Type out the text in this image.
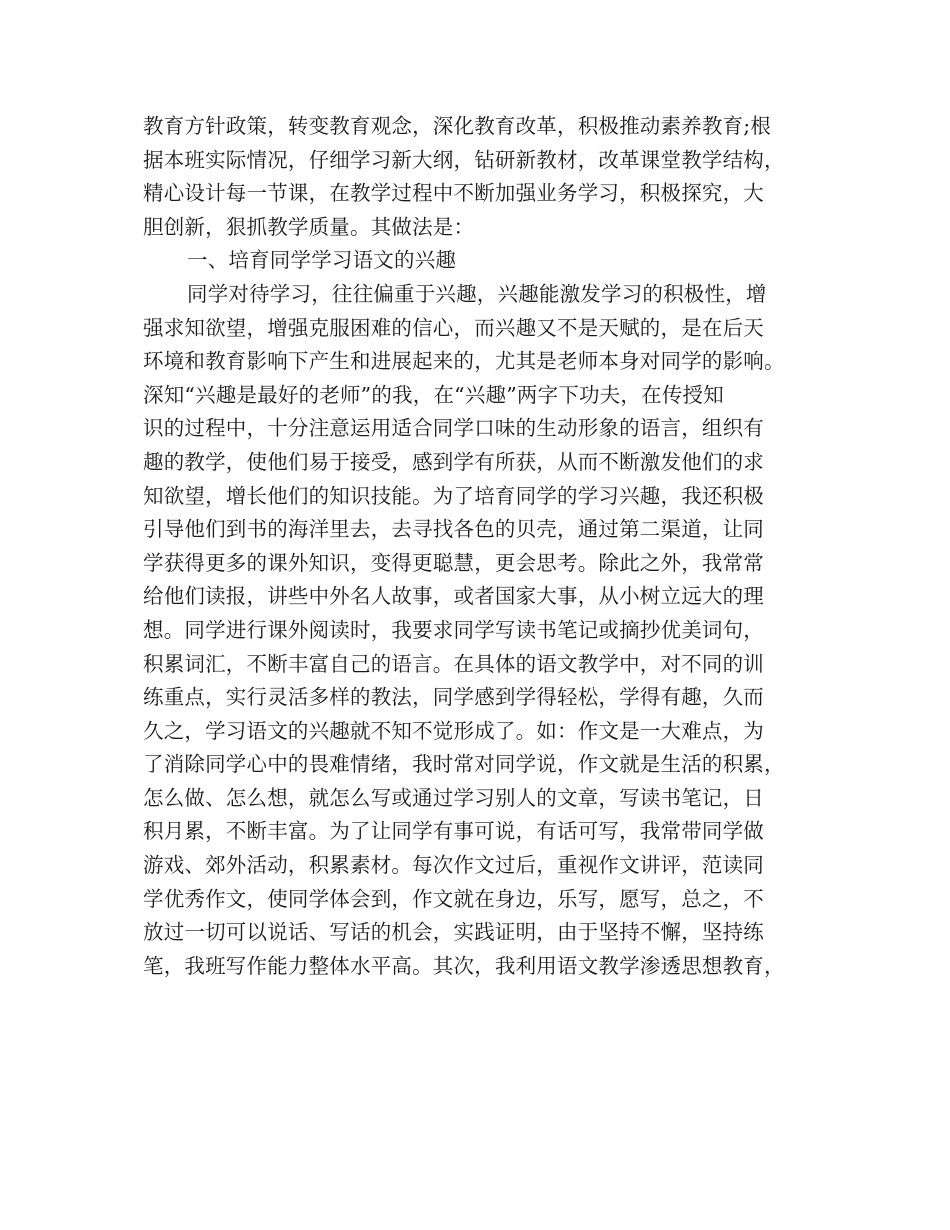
教育方针政策，转变教育观念，深化教育改革，积极推动素养教育;根
据本班实际情况，仔细学习新大纲，钻研新教材，改革课堂教学结构，
精心设计每一节课，在教学过程中不断加强业务学习，积极探究，大
胆创新，狠抓教学质量。其做法是：
一、培育同学学习语文的兴趣
同学对待学习，往往偏重于兴趣，兴趣能激发学习的积极性，增
强求知欲望，增强克服困难的信心，而兴趣又不是天赋的，是在后天
环境和教育影响下产生和进展起来的，尤其是老师本身对同学的影响。
深知“兴趣是最好的老师”的我，在“兴趣”两字下功夫，在传授知
识的过程中，十分注意运用适合同学口味的生动形象的语言，组织有
趣的教学，使他们易于接受，感到学有所获，从而不断激发他们的求
知欲望，增长他们的知识技能。为了培育同学的学习兴趣，我还积极
引导他们到书的海洋里去，去寻找各色的贝壳，通过第二渠道，让同
学获得更多的课外知识，变得更聪慧，更会思考。除此之外，我常常
给他们读报，讲些中外名人故事，或者国家大事，从小树立远大的理
想。同学进行课外阅读时，我要求同学写读书笔记或摘抄优美词句，
积累词汇，不断丰富自己的语言。在具体的语文教学中，对不同的训
练重点，实行灵活多样的教法，同学感到学得轻松，学得有趣，久而
久之，学习语文的兴趣就不知不觉形成了。如：作文是一大难点，为
了消除同学心中的畏难情绪，我时常对同学说，作文就是生活的积累，
怎么做、怎么想，就怎么写或通过学习别人的文章，写读书笔记，日
积月累，不断丰富。为了让同学有事可说，有话可写，我常带同学做
游戏、郊外活动，积累素材。每次作文过后，重视作文讲评，范读同
学优秀作文，使同学体会到，作文就在身边，乐写，愿写，总之，不
放过一切可以说话、写话的机会，实践证明，由于坚持不懈，坚持练
笔，我班写作能力整体水平高。其次，我利用语文教学渗透思想教育，
